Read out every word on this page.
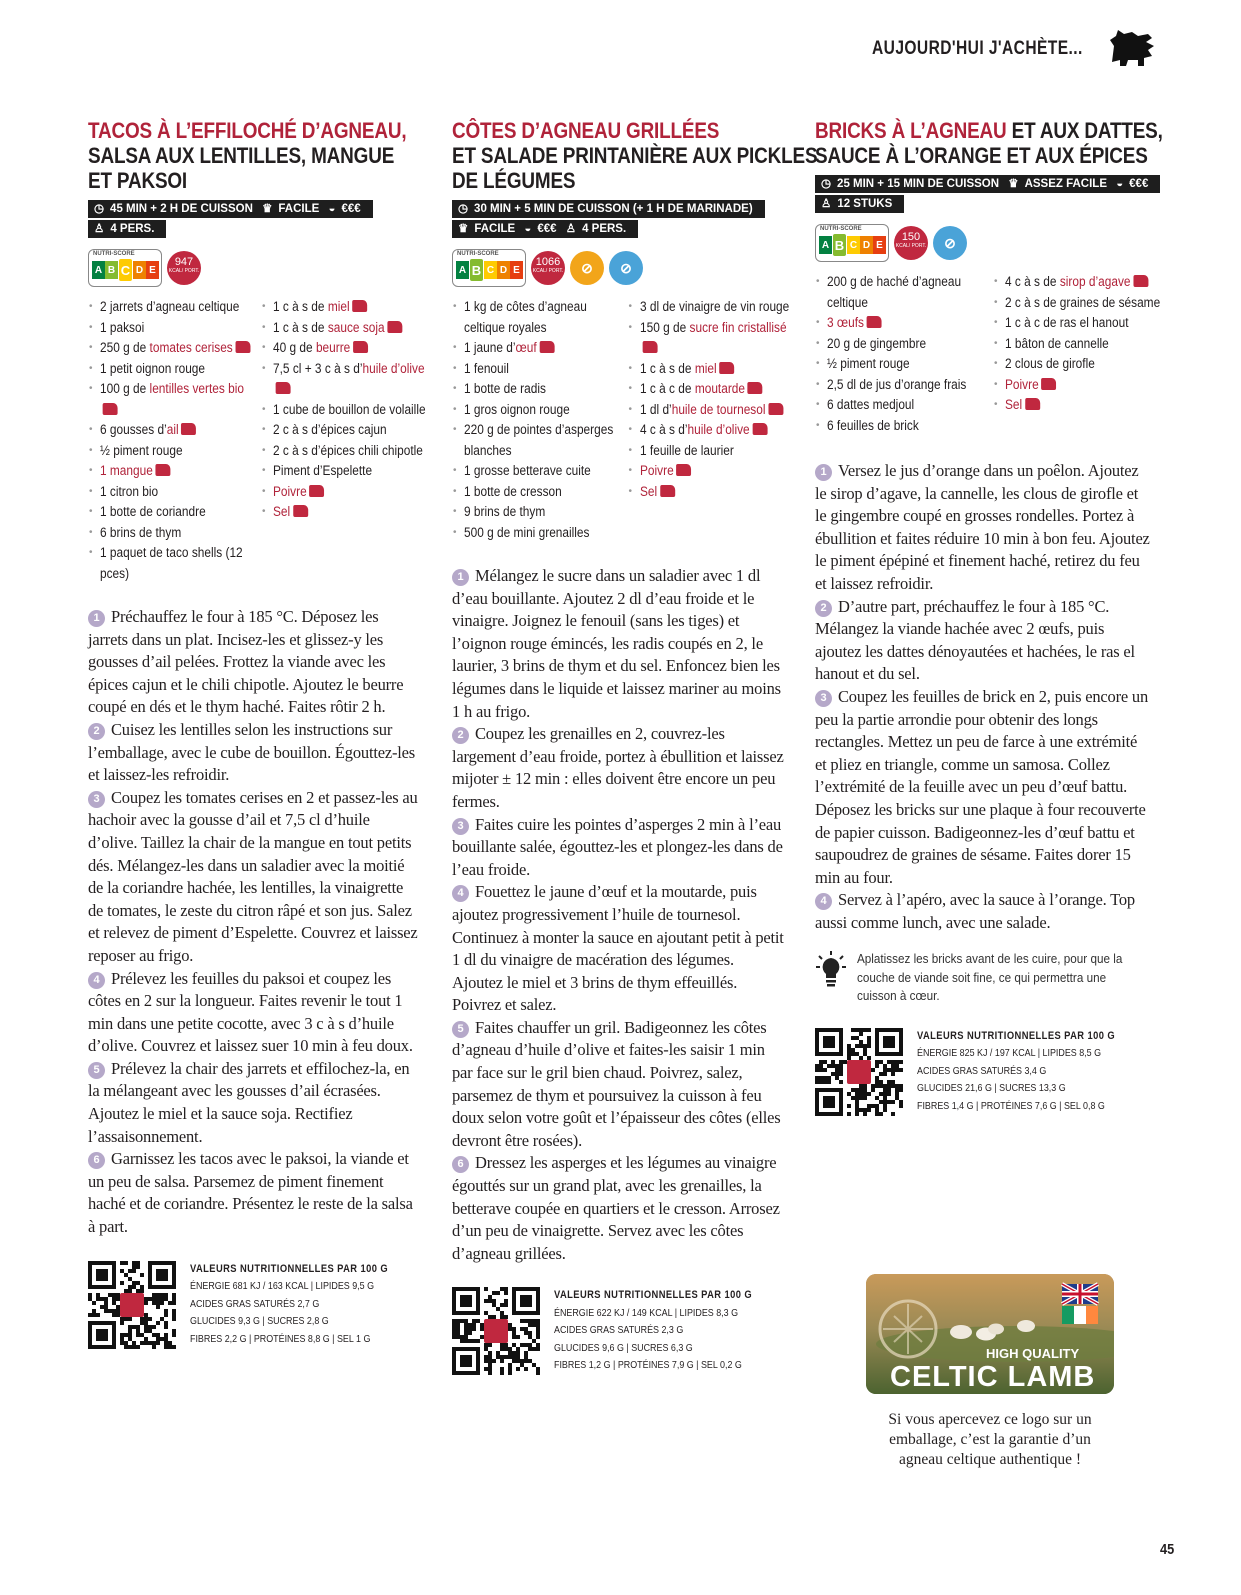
AUJOURD'HUI J'ACHÈTE...
TACOS À L’EFFILOCHÉ D’AGNEAU,
SALSA AUX LENTILLES, MANGUE
ET PAKSOI
◷ 45 MIN + 2 H DE CUISSON ♛ FACILE ◒ €€€
♙ 4 PERS.
NUTRI-SCORE
A B C D E
947
KCAL/ PORT.
• 2 jarrets d’agneau celtique
• 1 paksoi
• 250 g de tomates cerises
• 1 petit oignon rouge
• 100 g de lentilles vertes bio
• 6 gousses d’ail
• ½ piment rouge
• 1 mangue
• 1 citron bio
• 1 botte de coriandre
• 6 brins de thym
• 1 paquet de taco shells (12 pces)
• 1 c à s de miel
• 1 c à s de sauce soja
• 40 g de beurre
• 7,5 cl + 3 c à s d’huile d’olive
• 1 cube de bouillon de volaille
• 2 c à s d’épices cajun
• 2 c à s d’épices chili chipotle
• Piment d’Espelette
• Poivre
• Sel

1 Préchauffez le four à 185 °C. Déposez les jarrets dans un plat. Incisez-les et glissez-y les gousses d’ail pelées. Frottez la viande avec les épices cajun et le chili chipotle. Ajoutez le beurre coupé en dés et le thym haché. Faites rôtir 2 h.

2 Cuisez les lentilles selon les instructions sur l’emballage, avec le cube de bouillon. Égouttez-les et laissez-les refroidir.

3 Coupez les tomates cerises en 2 et passez-les au hachoir avec la gousse d’ail et 7,5 cl d’huile d’olive. Taillez la chair de la mangue en tout petits dés. Mélangez-les dans un saladier avec la moitié de la coriandre hachée, les lentilles, la vinaigrette de tomates, le zeste du citron râpé et son jus. Salez et relevez de piment d’Espelette. Couvrez et laissez reposer au frigo.

4 Prélevez les feuilles du paksoi et coupez les côtes en 2 sur la longueur. Faites revenir le tout 1 min dans une petite cocotte, avec 3 c à s d’huile d’olive. Couvrez et laissez suer 10 min à feu doux.

5 Prélevez la chair des jarrets et effilochez-la, en la mélangeant avec les gousses d’ail écrasées. Ajoutez le miel et la sauce soja. Rectifiez l’assaisonnement.

6 Garnissez les tacos avec le paksoi, la viande et un peu de salsa. Parsemez de piment finement haché et de coriandre. Présentez le reste de la salsa à part.

VALEURS NUTRITIONNELLES PAR 100 G
ÉNERGIE 681 KJ / 163 KCAL | LIPIDES 9,5 G
ACIDES GRAS SATURÉS 2,7 G
GLUCIDES 9,3 G | SUCRES 2,8 G
FIBRES 2,2 G | PROTÉINES 8,8 G | SEL 1 G
CÔTES D’AGNEAU GRILLÉES
ET SALADE PRINTANIÈRE AUX PICKLES
DE LÉGUMES
◷ 30 MIN + 5 MIN DE CUISSON (+ 1 H DE MARINADE)
♛ FACILE ◒ €€€ ♙ 4 PERS.
NUTRI-SCORE
A B C D E
1066
KCAL/ PORT.	⊘	⊘
• 1 kg de côtes d’agneau celtique royales
• 1 jaune d’œuf
• 1 fenouil
• 1 botte de radis
• 1 gros oignon rouge
• 220 g de pointes d’asperges blanches
• 1 grosse betterave cuite
• 1 botte de cresson
• 9 brins de thym
• 500 g de mini grenailles
• 3 dl de vinaigre de vin rouge
• 150 g de sucre fin cristallisé
• 1 c à s de miel
• 1 c à c de moutarde
• 1 dl d’huile de tournesol
• 4 c à s d’huile d’olive
• 1 feuille de laurier
• Poivre
• Sel

1 Mélangez le sucre dans un saladier avec 1 dl d’eau bouillante. Ajoutez 2 dl d’eau froide et le vinaigre. Joignez le fenouil (sans les tiges) et l’oignon rouge émincés, les radis coupés en 2, le laurier, 3 brins de thym et du sel. Enfoncez bien les légumes dans le liquide et laissez mariner au moins 1 h au frigo.

2 Coupez les grenailles en 2, couvrez-les largement d’eau froide, portez à ébullition et laissez mijoter ± 12 min : elles doivent être encore un peu fermes.

3 Faites cuire les pointes d’asperges 2 min à l’eau bouillante salée, égouttez-les et plongez-les dans de l’eau froide.

4 Fouettez le jaune d’œuf et la moutarde, puis ajoutez progressivement l’huile de tournesol. Continuez à monter la sauce en ajoutant petit à petit 1 dl du vinaigre de macération des légumes. Ajoutez le miel et 3 brins de thym effeuillés. Poivrez et salez.

5 Faites chauffer un gril. Badigeonnez les côtes d’agneau d’huile d’olive et faites-les saisir 1 min par face sur le gril bien chaud. Poivrez, salez, parsemez de thym et poursuivez la cuisson à feu doux selon votre goût et l’épaisseur des côtes (elles devront être rosées).

6 Dressez les asperges et les légumes au vinaigre égouttés sur un grand plat, avec les grenailles, la betterave coupée en quartiers et le cresson. Arrosez d’un peu de vinaigrette. Servez avec les côtes d’agneau grillées.

VALEURS NUTRITIONNELLES PAR 100 G
ÉNERGIE 622 KJ / 149 KCAL | LIPIDES 8,3 G
ACIDES GRAS SATURÉS 2,3 G
GLUCIDES 9,6 G | SUCRES 6,3 G
FIBRES 1,2 G | PROTÉINES 7,9 G | SEL 0,2 G
BRICKS À L’AGNEAU ET AUX DATTES,
SAUCE À L’ORANGE ET AUX ÉPICES
◷ 25 MIN + 15 MIN DE CUISSON ♛ ASSEZ FACILE ◒ €€€
♙ 12 STUKS
NUTRI-SCORE
A B C D E
150
KCAL/ PORT.	⊘
• 200 g de haché d’agneau celtique
• 3 œufs
• 20 g de gingembre
• ½ piment rouge
• 2,5 dl de jus d’orange frais
• 6 dattes medjoul
• 6 feuilles de brick
• 4 c à s de sirop d’agave
• 2 c à s de graines de sésame
• 1 c à c de ras el hanout
• 1 bâton de cannelle
• 2 clous de girofle
• Poivre
• Sel

1 Versez le jus d’orange dans un poêlon. Ajoutez le sirop d’agave, la cannelle, les clous de girofle et le gingembre coupé en grosses rondelles. Portez à ébullition et faites réduire 10 min à bon feu. Ajoutez le piment épépiné et finement haché, retirez du feu et laissez refroidir.

2 D’autre part, préchauffez le four à 185 °C. Mélangez la viande hachée avec 2 œufs, puis ajoutez les dattes dénoyautées et hachées, le ras el hanout et du sel.

3 Coupez les feuilles de brick en 2, puis encore un peu la partie arrondie pour obtenir des longs rectangles. Mettez un peu de farce à une extrémité et pliez en triangle, comme un samosa. Collez l’extrémité de la feuille avec un peu d’œuf battu. Déposez les bricks sur une plaque à four recouverte de papier cuisson. Badigeonnez-les d’œuf battu et saupoudrez de graines de sésame. Faites dorer 15 min au four.

4 Servez à l’apéro, avec la sauce à l’orange. Top aussi comme lunch, avec une salade.

Aplatissez les bricks avant de les cuire, pour que la couche de viande soit fine, ce qui permettra une cuisson à cœur.
VALEURS NUTRITIONNELLES PAR 100 G
ÉNERGIE 825 KJ / 197 KCAL | LIPIDES 8,5 G
ACIDES GRAS SATURÉS 3,4 G
GLUCIDES 21,6 G | SUCRES 13,3 G
FIBRES 1,4 G | PROTÉINES 7,6 G | SEL 0,8 G
HIGH QUALITY
CELTIC LAMB
Si vous apercevez ce logo sur un emballage, c’est la garantie d’un agneau celtique authentique !
45
